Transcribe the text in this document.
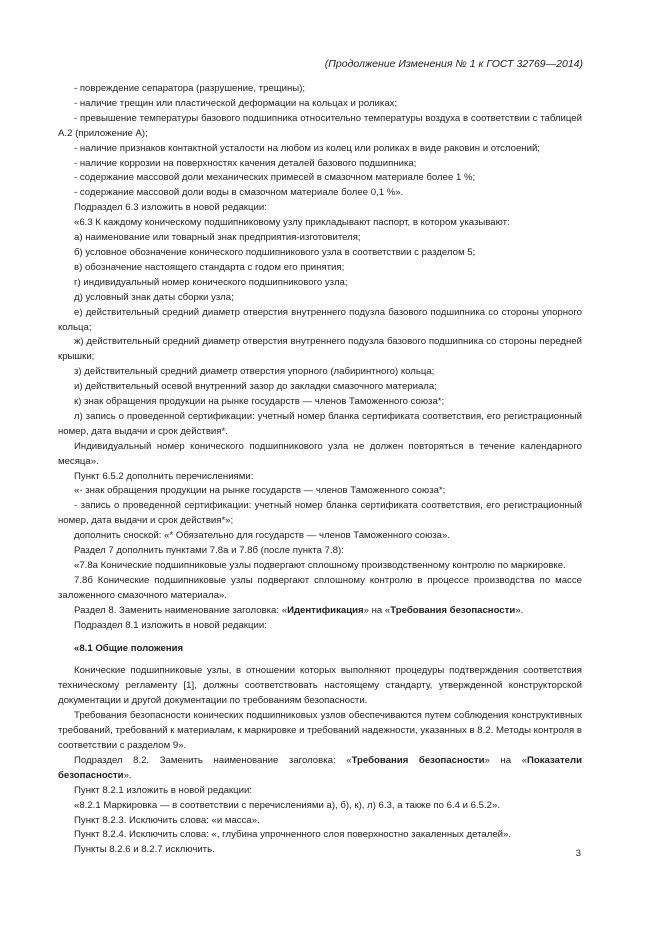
(Продолжение Изменения № 1 к ГОСТ 32769—2014)

- повреждение сепаратора (разрушение, трещины);

- наличие трещин или пластической деформации на кольцах и роликах;

- превышение температуры базового подшипника относительно температуры воздуха в соответствии с таблицей А.2 (приложение А);

- наличие признаков контактной усталости на любом из колец или роликах в виде раковин и отслоений;

- наличие коррозии на поверхностях качения деталей базового подшипника;

- содержание массовой доли механических примесей в смазочном материале более 1 %;

- содержание массовой доли воды в смазочном материале более 0,1 %».

Подраздел 6.3 изложить в новой редакции:

«6.3 К каждому коническому подшипниковому узлу прикладывают паспорт, в котором указывают:

а) наименование или товарный знак предприятия-изготовителя;

б) условное обозначение конического подшипникового узла в соответствии с разделом 5;

в) обозначение настоящего стандарта с годом его принятия;

г) индивидуальный номер конического подшипникового узла;

д) условный знак даты сборки узла;

е) действительный средний диаметр отверстия внутреннего подузла базового подшипника со стороны упорного кольца;

ж) действительный средний диаметр отверстия внутреннего подузла базового подшипника со стороны передней крышки;

з) действительный средний диаметр отверстия упорного (лабиринтного) кольца;

и) действительный осевой внутренний зазор до закладки смазочного материала;

к) знак обращения продукции на рынке государств — членов Таможенного союза*;

л) запись о проведенной сертификации: учетный номер бланка сертификата соответствия, его регистрационный номер, дата выдачи и срок действия*.

Индивидуальный номер конического подшипникового узла не должен повторяться в течение календарного месяца».

Пункт 6.5.2 дополнить перечислениями:

«- знак обращения продукции на рынке государств — членов Таможенного союза*;

- запись о проведенной сертификации: учетный номер бланка сертификата соответствия, его регистрационный номер, дата выдачи и срок действия*»;

дополнить сноской: «* Обязательно для государств — членов Таможенного союза».

Раздел 7 дополнить пунктами 7.8а и 7.8б (после пункта 7.8):

«7.8а Конические подшипниковые узлы подвергают сплошному производственному контролю по маркировке.

7.8б Конические подшипниковые узлы подвергают сплошному контролю в процессе производства по массе заложенного смазочного материала».

Раздел 8. Заменить наименование заголовка: «Идентификация» на «Требования безопасности».

Подраздел 8.1 изложить в новой редакции:

«8.1 Общие положения

Конические подшипниковые узлы, в отношении которых выполняют процедуры подтверждения соответствия техническому регламенту [1], должны соответствовать настоящему стандарту, утвержденной конструкторской документации и другой документации по требованиям безопасности.

Требования безопасности конических подшипниковых узлов обеспечиваются путем соблюдения конструктивных требований, требований к материалам, к маркировке и требований надежности, указанных в 8.2. Методы контроля в соответствии с разделом 9».

Подраздел 8.2. Заменить наименование заголовка: «Требования безопасности» на «Показатели безопасности».

Пункт 8.2.1 изложить в новой редакции:

«8.2.1 Маркировка — в соответствии с перечислениями а), б), к), л) 6.3, а также по 6.4 и 6.5.2».

Пункт 8.2.3. Исключить слова: «и масса».

Пункт 8.2.4. Исключить слова: «, глубина упрочненного слоя поверхностно закаленных деталей».

Пункты 8.2.6 и 8.2.7 исключить.	3
